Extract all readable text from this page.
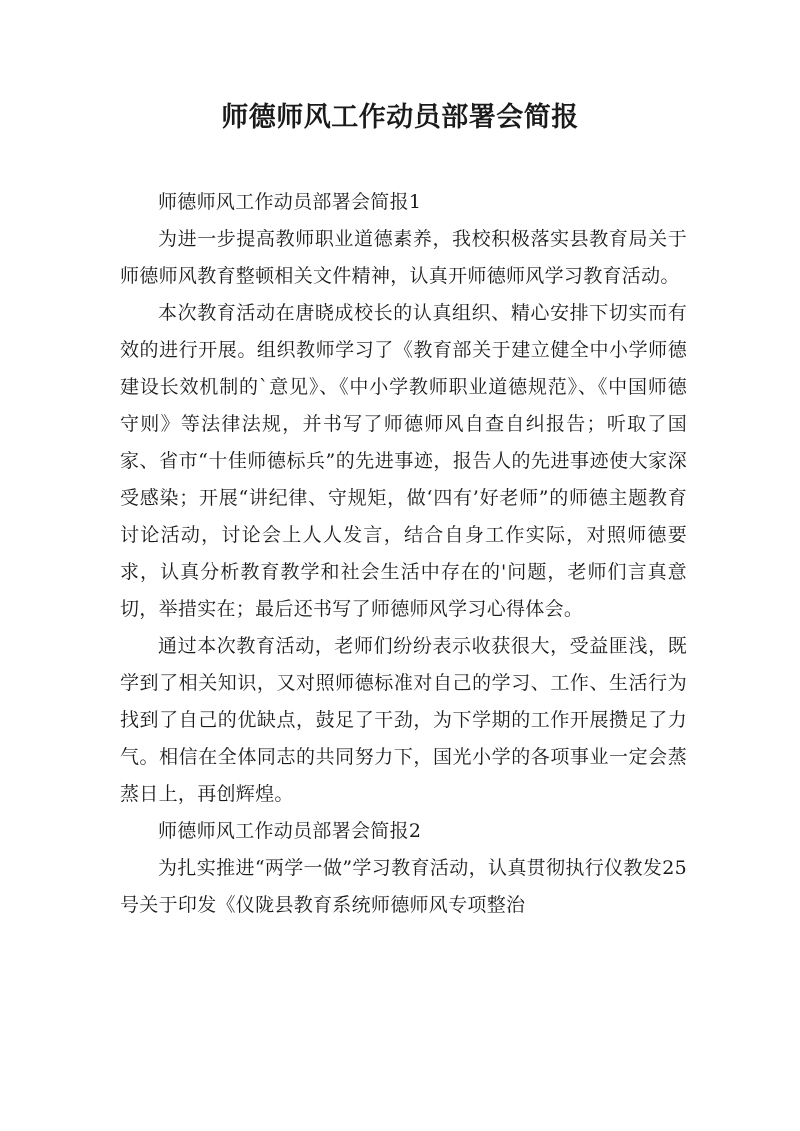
师德师风工作动员部署会简报

师德师风工作动员部署会简报1

为进一步提高教师职业道德素养，我校积极落实县教育局关于师德师风教育整顿相关文件精神，认真开师德师风学习教育活动。

本次教育活动在唐晓成校长的认真组织、精心安排下切实而有效的进行开展。组织教师学习了《教育部关于建立健全中小学师德建设长效机制的`意见》、《中小学教师职业道德规范》、《中国师德守则》等法律法规，并书写了师德师风自查自纠报告；听取了国家、省市“十佳师德标兵”的先进事迹，报告人的先进事迹使大家深受感染；开展“讲纪律、守规矩，做‘四有’好老师”的师德主题教育讨论活动，讨论会上人人发言，结合自身工作实际，对照师德要求，认真分析教育教学和社会生活中存在的'问题，老师们言真意切，举措实在；最后还书写了师德师风学习心得体会。

通过本次教育活动，老师们纷纷表示收获很大，受益匪浅，既学到了相关知识，又对照师德标准对自己的学习、工作、生活行为找到了自己的优缺点，鼓足了干劲，为下学期的工作开展攒足了力气。相信在全体同志的共同努力下，国光小学的各项事业一定会蒸蒸日上，再创辉煌。

师德师风工作动员部署会简报2

为扎实推进“两学一做”学习教育活动，认真贯彻执行仪教发25号关于印发《仪陇县教育系统师德师风专项整治
